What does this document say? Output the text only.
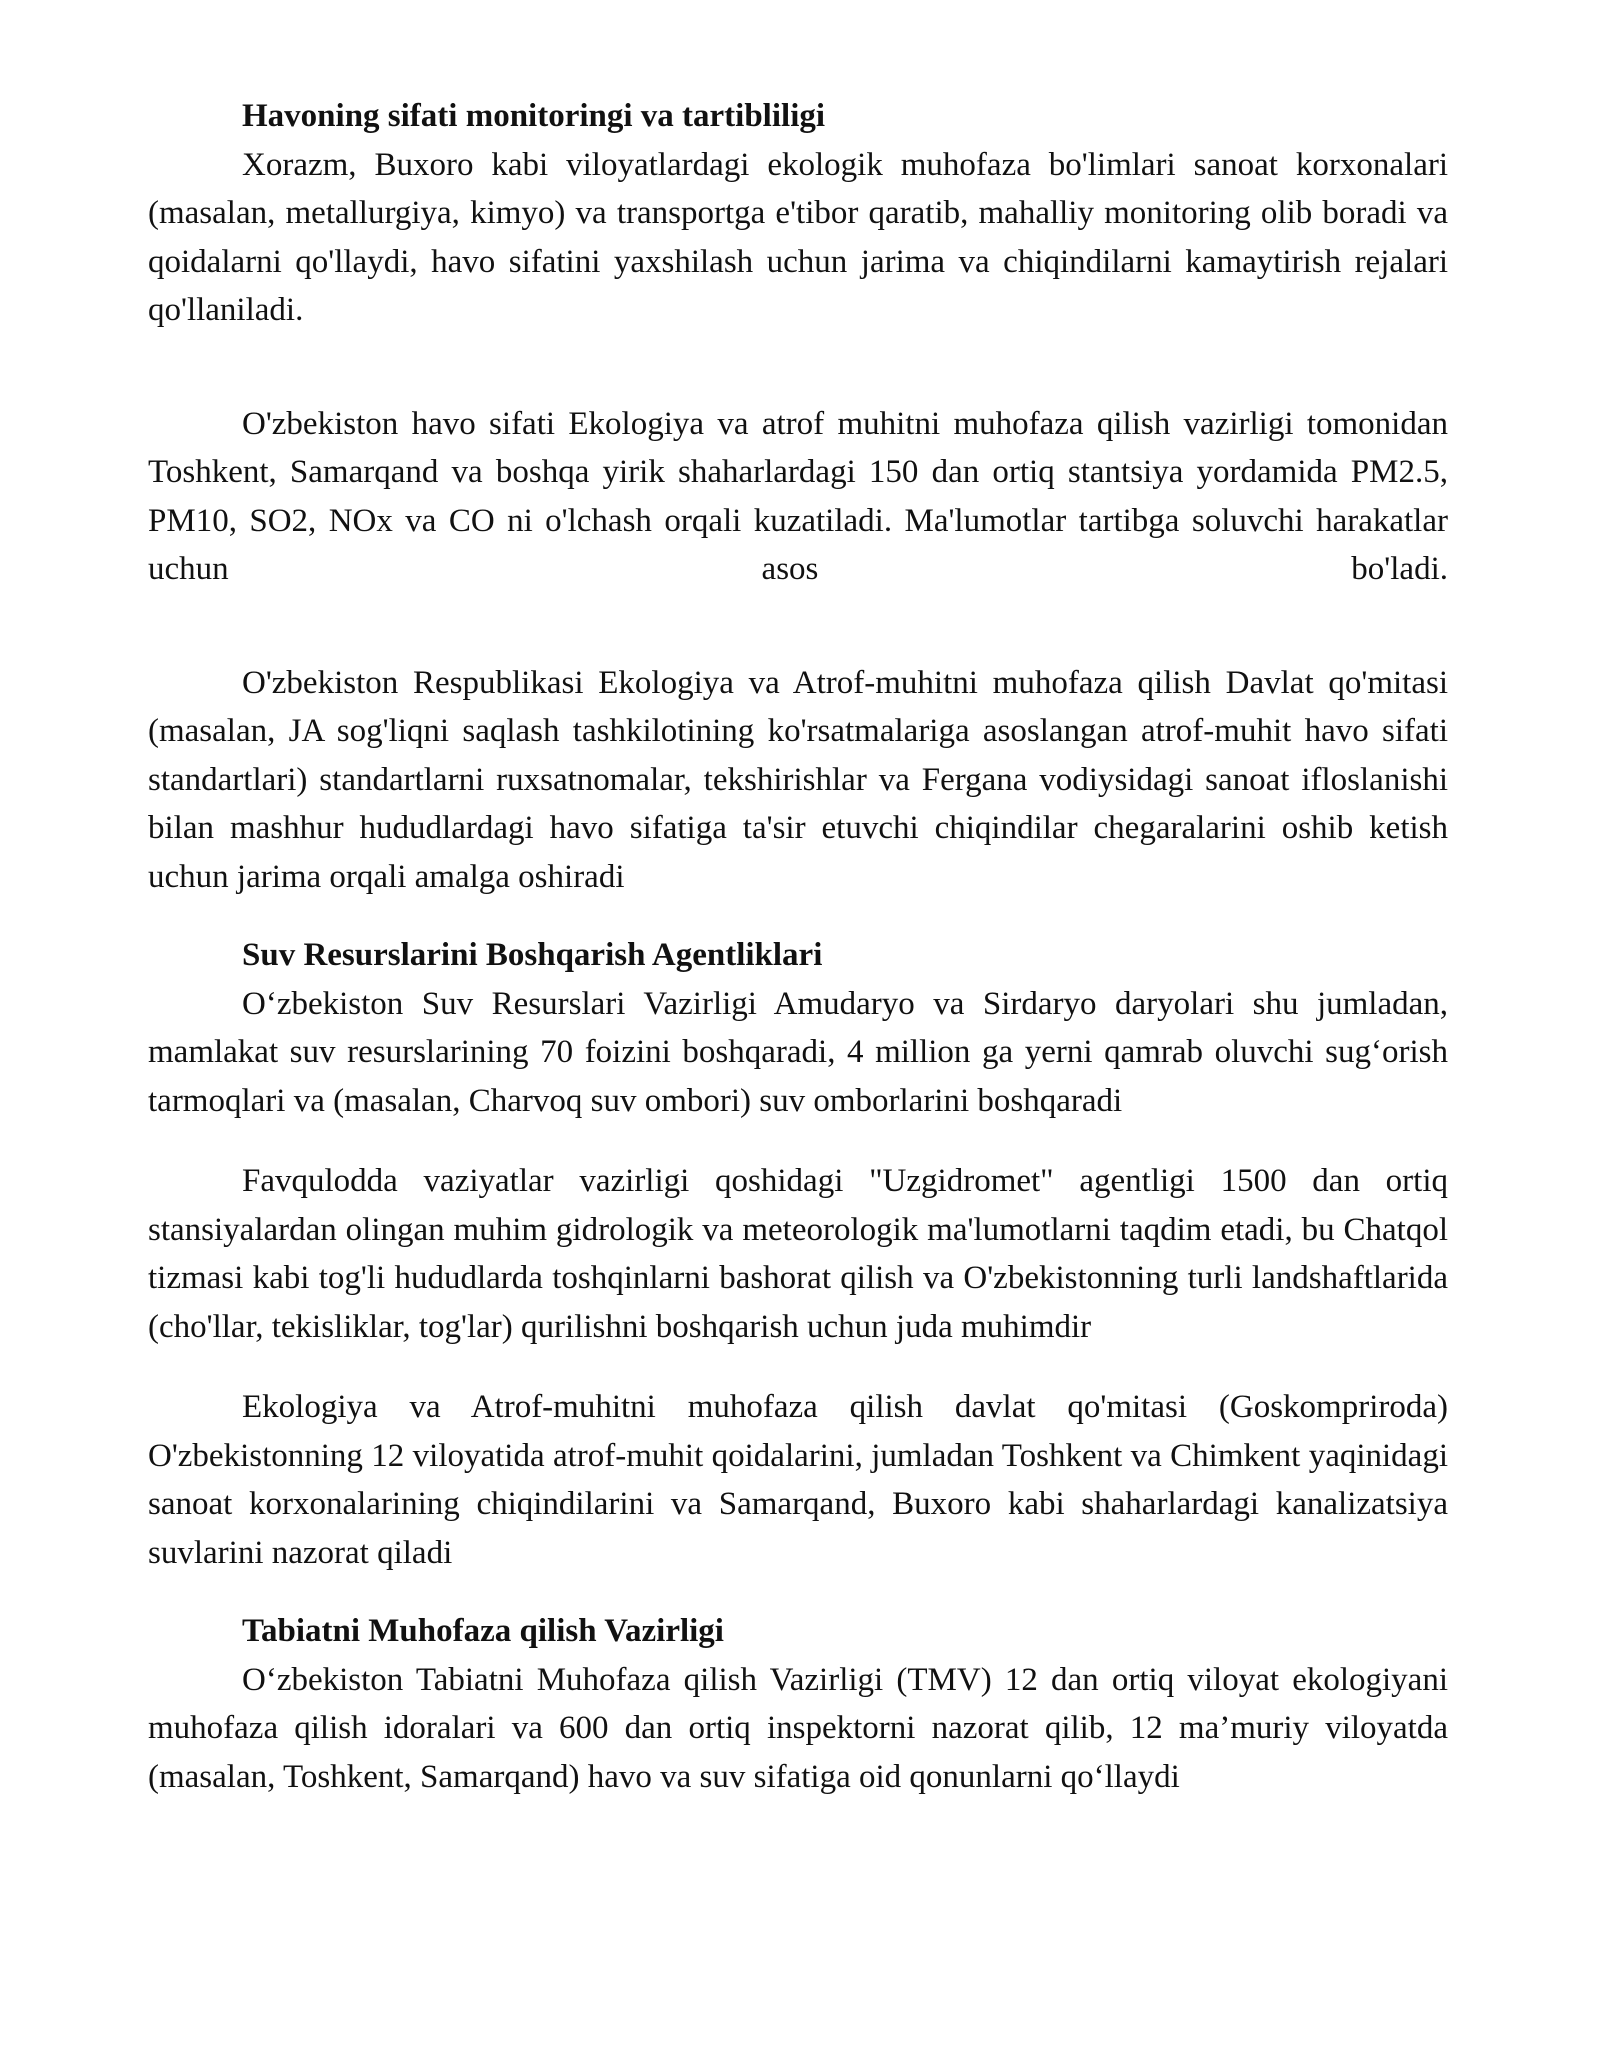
Havoning sifati monitoringi va tartibliligi

Xorazm, Buxoro kabi viloyatlardagi ekologik muhofaza bo'limlari sanoat korxonalari (masalan, metallurgiya, kimyo) va transportga e'tibor qaratib, mahalliy monitoring olib boradi va qoidalarni qo'llaydi, havo sifatini yaxshilash uchun jarima va chiqindilarni kamaytirish rejalari qo'llaniladi.

O'zbekiston havo sifati Ekologiya va atrof muhitni muhofaza qilish vazirligi tomonidan Toshkent, Samarqand va boshqa yirik shaharlardagi 150 dan ortiq stantsiya yordamida PM2.5, PM10, SO2, NOx va CO ni o'lchash orqali kuzatiladi. Ma'lumotlar tartibga soluvchi harakatlar uchun asos bo'ladi.

O'zbekiston Respublikasi Ekologiya va Atrof-muhitni muhofaza qilish Davlat qo'mitasi (masalan, JA sog'liqni saqlash tashkilotining ko'rsatmalariga asoslangan atrof-muhit havo sifati standartlari) standartlarni ruxsatnomalar, tekshirishlar va Fergana vodiysidagi sanoat ifloslanishi bilan mashhur hududlardagi havo sifatiga ta'sir etuvchi chiqindilar chegaralarini oshib ketish uchun jarima orqali amalga oshiradi

Suv Resurslarini Boshqarish Agentliklari

O‘zbekiston Suv Resurslari Vazirligi Amudaryo va Sirdaryo daryolari shu jumladan, mamlakat suv resurslarining 70 foizini boshqaradi, 4 million ga yerni qamrab oluvchi sug‘orish tarmoqlari va (masalan, Charvoq suv ombori) suv omborlarini boshqaradi

Favqulodda vaziyatlar vazirligi qoshidagi "Uzgidromet" agentligi 1500 dan ortiq stansiyalardan olingan muhim gidrologik va meteorologik ma'lumotlarni taqdim etadi, bu Chatqol tizmasi kabi tog'li hududlarda toshqinlarni bashorat qilish va O'zbekistonning turli landshaftlarida (cho'llar, tekisliklar, tog'lar) qurilishni boshqarish uchun juda muhimdir

Ekologiya va Atrof-muhitni muhofaza qilish davlat qo'mitasi (Goskompriroda) O'zbekistonning 12 viloyatida atrof-muhit qoidalarini, jumladan Toshkent va Chimkent yaqinidagi sanoat korxonalarining chiqindilarini va Samarqand, Buxoro kabi shaharlardagi kanalizatsiya suvlarini nazorat qiladi

Tabiatni Muhofaza qilish Vazirligi

O‘zbekiston Tabiatni Muhofaza qilish Vazirligi (TMV) 12 dan ortiq viloyat ekologiyani muhofaza qilish idoralari va 600 dan ortiq inspektorni nazorat qilib, 12 ma’muriy viloyatda (masalan, Toshkent, Samarqand) havo va suv sifatiga oid qonunlarni qo‘llaydi
